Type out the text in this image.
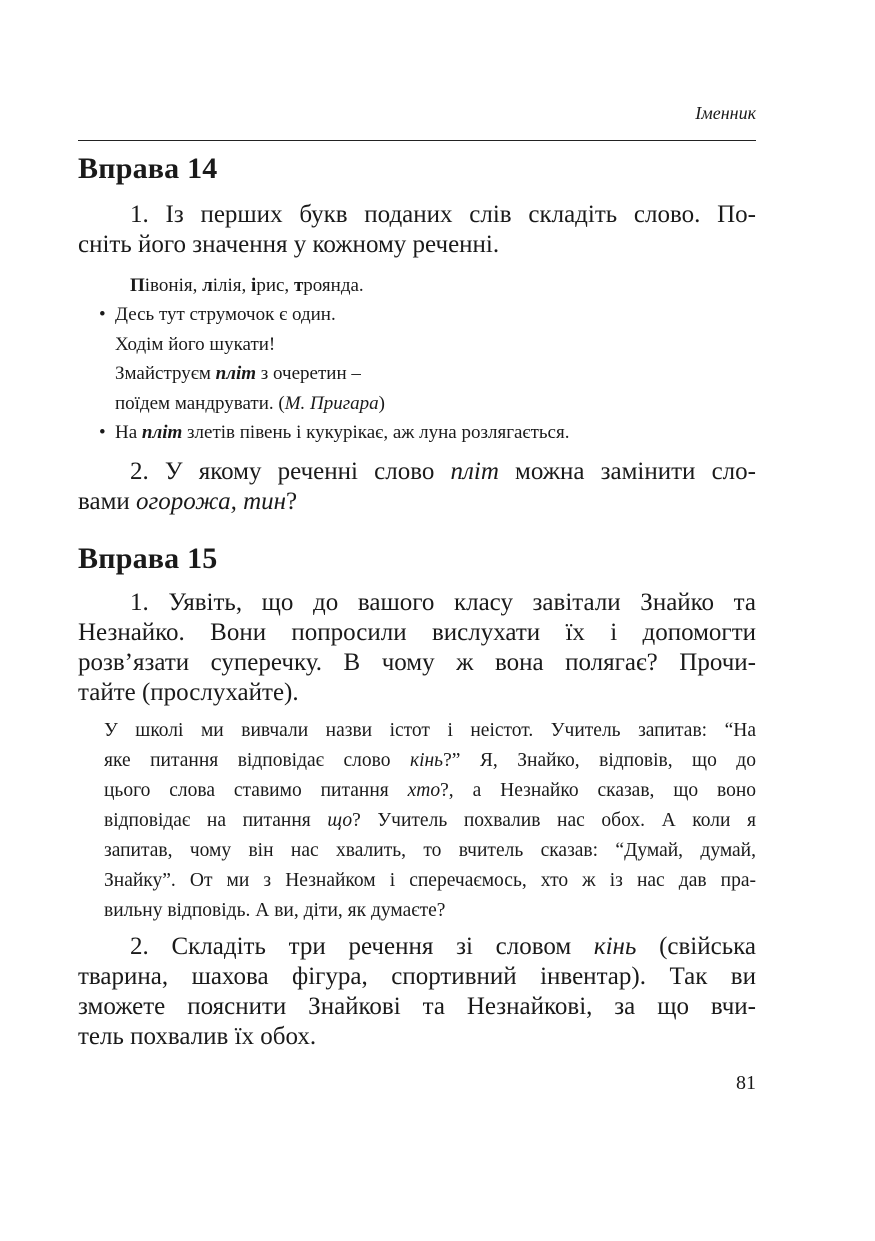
Іменник
Вправа 14
1. Із перших букв поданих слів складіть слово. По-
сніть його значення у кожному реченні.
Півонія, лілія, ірис, троянда.
• Десь тут струмочок є один.
Ходім його шукати!
Змайструєм пліт з очеретин –
поїдем мандрувати. (М. Пригара)
• На пліт злетів півень і кукурікає, аж луна розлягається.
2. У якому реченні слово пліт можна замінити сло-
вами огорожа, тин?
Вправа 15
1. Уявіть, що до вашого класу завітали Знайко та
Незнайко. Вони попросили вислухати їх і допомогти
розв’язати суперечку. В чому ж вона полягає? Прочи-
тайте (прослухайте).
У школі ми вивчали назви істот і неістот. Учитель запитав: “На
яке питання відповідає слово кінь?” Я, Знайко, відповів, що до
цього слова ставимо питання хто?, а Незнайко сказав, що воно
відповідає на питання що? Учитель похвалив нас обох. А коли я
запитав, чому він нас хвалить, то вчитель сказав: “Думай, думай,
Знайку”. От ми з Незнайком і сперечаємось, хто ж із нас дав пра-
вильну відповідь. А ви, діти, як думаєте?
2. Складіть три речення зі словом кінь (свійська
тварина, шахова фігура, спортивний інвентар). Так ви
зможете пояснити Знайкові та Незнайкові, за що вчи-
тель похвалив їх обох.
81
